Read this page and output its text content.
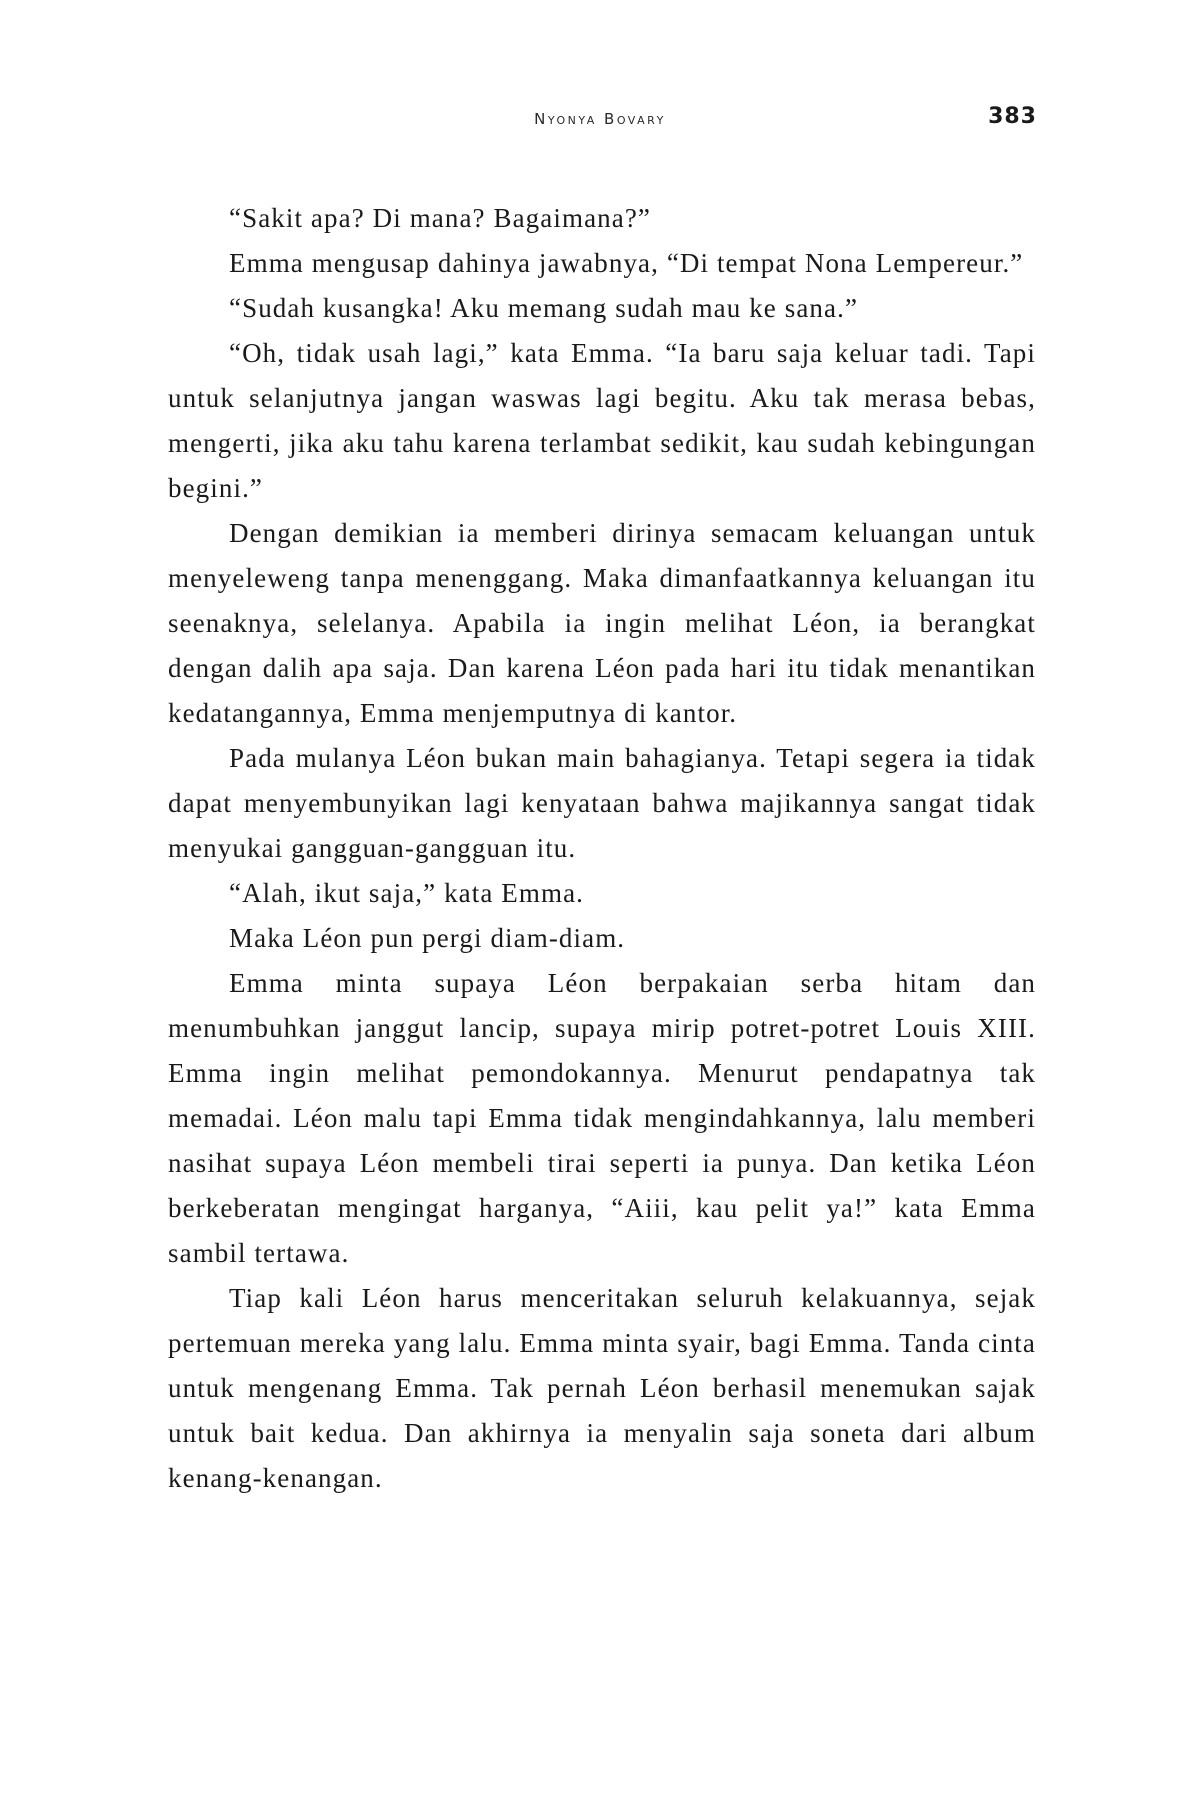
Nyonya Bovary	383

“Sakit apa? Di mana? Bagaimana?”

Emma mengusap dahinya jawabnya, “Di tempat Nona Lempereur.”

“Sudah kusangka! Aku memang sudah mau ke sana.”

“Oh, tidak usah lagi,” kata Emma. “Ia baru saja keluar tadi. Tapi untuk selanjutnya jangan waswas lagi begitu. Aku tak merasa bebas, mengerti, jika aku tahu karena terlambat sedikit, kau sudah kebingungan begini.”

Dengan demikian ia memberi dirinya semacam keluangan untuk menyeleweng tanpa menenggang. Maka dimanfaatkannya keluangan itu seenaknya, selelanya. Apabila ia ingin melihat Léon, ia berangkat dengan dalih apa saja. Dan karena Léon pada hari itu tidak menantikan kedatangannya, Emma menjemputnya di kantor.

Pada mulanya Léon bukan main bahagianya. Tetapi segera ia tidak dapat menyembunyikan lagi kenyataan bahwa majikannya sangat tidak menyukai gangguan-gangguan itu.

“Alah, ikut saja,” kata Emma.

Maka Léon pun pergi diam-diam.

Emma minta supaya Léon berpakaian serba hitam dan menumbuhkan janggut lancip, supaya mirip potret-potret Louis XIII. Emma ingin melihat pemondokannya. Menurut pendapatnya tak memadai. Léon malu tapi Emma tidak mengindahkannya, lalu memberi nasihat supaya Léon membeli tirai seperti ia punya. Dan ketika Léon berkeberatan mengingat harganya, “Aiii, kau pelit ya!” kata Emma sambil tertawa.

Tiap kali Léon harus menceritakan seluruh kelakuannya, sejak pertemuan mereka yang lalu. Emma minta syair, bagi Emma. Tanda cinta untuk mengenang Emma. Tak pernah Léon berhasil menemukan sajak untuk bait kedua. Dan akhirnya ia menyalin saja soneta dari album kenang-kenangan.
